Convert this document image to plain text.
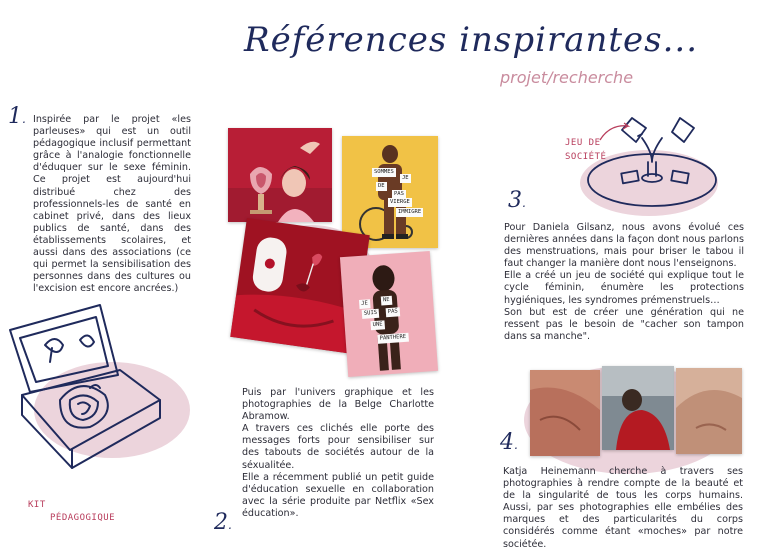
Références inspirantes...
projet/recherche
1 .	Inspirée par le projet «les parleuses» qui est un outil pédagogique inclusif permettant grâce à l'analogie fonctionnelle d'éduquer sur le sexe féminin. Ce projet est aujourd'hui distribué chez des professionnels-les de santé en cabinet privé, dans des lieux publics de santé, dans des établissements scolaires, et aussi dans des associations (ce qui permet la sensibilisation des personnes dans des cultures ou l'excision est encore ancrées.)
KIT
PÉDAGOGIQUE
SOMMES
JE
DE
PAS
VIERGE
IMMIGRE
JE
NE
SUIS	PAS
UNE
PANTHERE

Puis par l'univers graphique et les photographies de la Belge Charlotte Abramow.

A travers ces clichés elle porte des messages forts pour sensibiliser sur des tabouts de sociétés autour de la séxualitée.

Elle a récemment publié un petit guide d'éducation sexuelle en collaboration avec la série produite par Netflix «Sex éducation».

2 .
JEU DE
SOCIÉTÉ
3 .

Pour Daniela Gilsanz, nous avons évolué ces dernières années dans la façon dont nous parlons des menstruations, mais pour briser le tabou il faut changer la manière dont nous l'enseignons.

Elle a créé un jeu de société qui explique tout le cycle féminin, énumère les protections hygiéniques, les syndromes prémenstruels…

Son but est de créer une génération qui ne ressent pas le besoin de "cacher son tampon dans sa manche".

4 .
Katja Heinemann cherche à travers ses photographies à rendre compte de la beauté et de la singularité de tous les corps humains. Aussi, par ses photographies elle embélies des marques et des particularités du corps considérés comme étant «moches» par notre sociétée.
